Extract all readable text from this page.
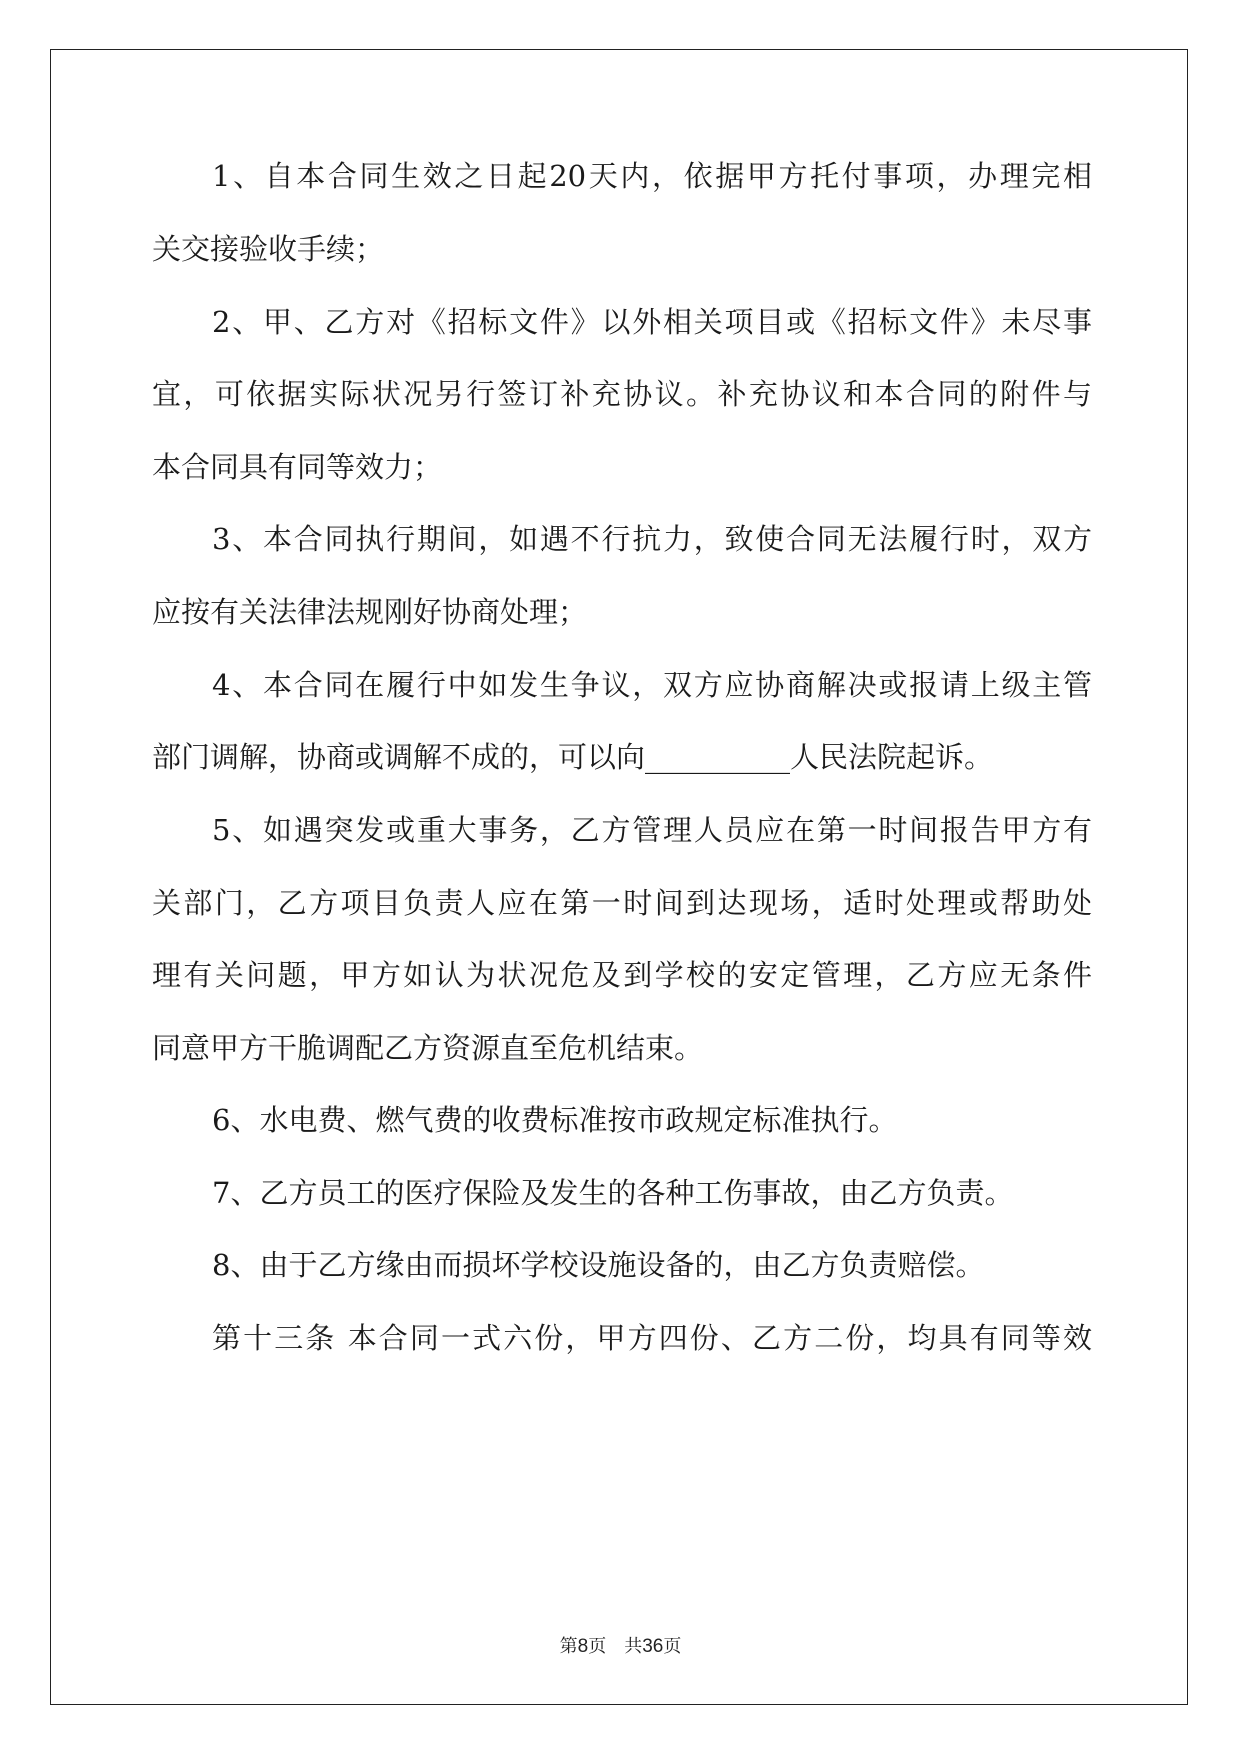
1、自本合同生效之日起20天内，依据甲方托付事项，办理完相
关交接验收手续；
2、甲、乙方对《招标文件》以外相关项目或《招标文件》未尽事
宜，可依据实际状况另行签订补充协议。补充协议和本合同的附件与
本合同具有同等效力；
3、本合同执行期间，如遇不行抗力，致使合同无法履行时，双方
应按有关法律法规刚好协商处理；
4、本合同在履行中如发生争议，双方应协商解决或报请上级主管
部门调解，协商或调解不成的，可以向__________人民法院起诉。
5、如遇突发或重大事务，乙方管理人员应在第一时间报告甲方有
关部门，乙方项目负责人应在第一时间到达现场，适时处理或帮助处
理有关问题，甲方如认为状况危及到学校的安定管理，乙方应无条件
同意甲方干脆调配乙方资源直至危机结束。
6、水电费、燃气费的收费标准按市政规定标准执行。
7、乙方员工的医疗保险及发生的各种工伤事故，由乙方负责。
8、由于乙方缘由而损坏学校设施设备的，由乙方负责赔偿。
第十三条 本合同一式六份，甲方四份、乙方二份，均具有同等效
第8页 共36页
